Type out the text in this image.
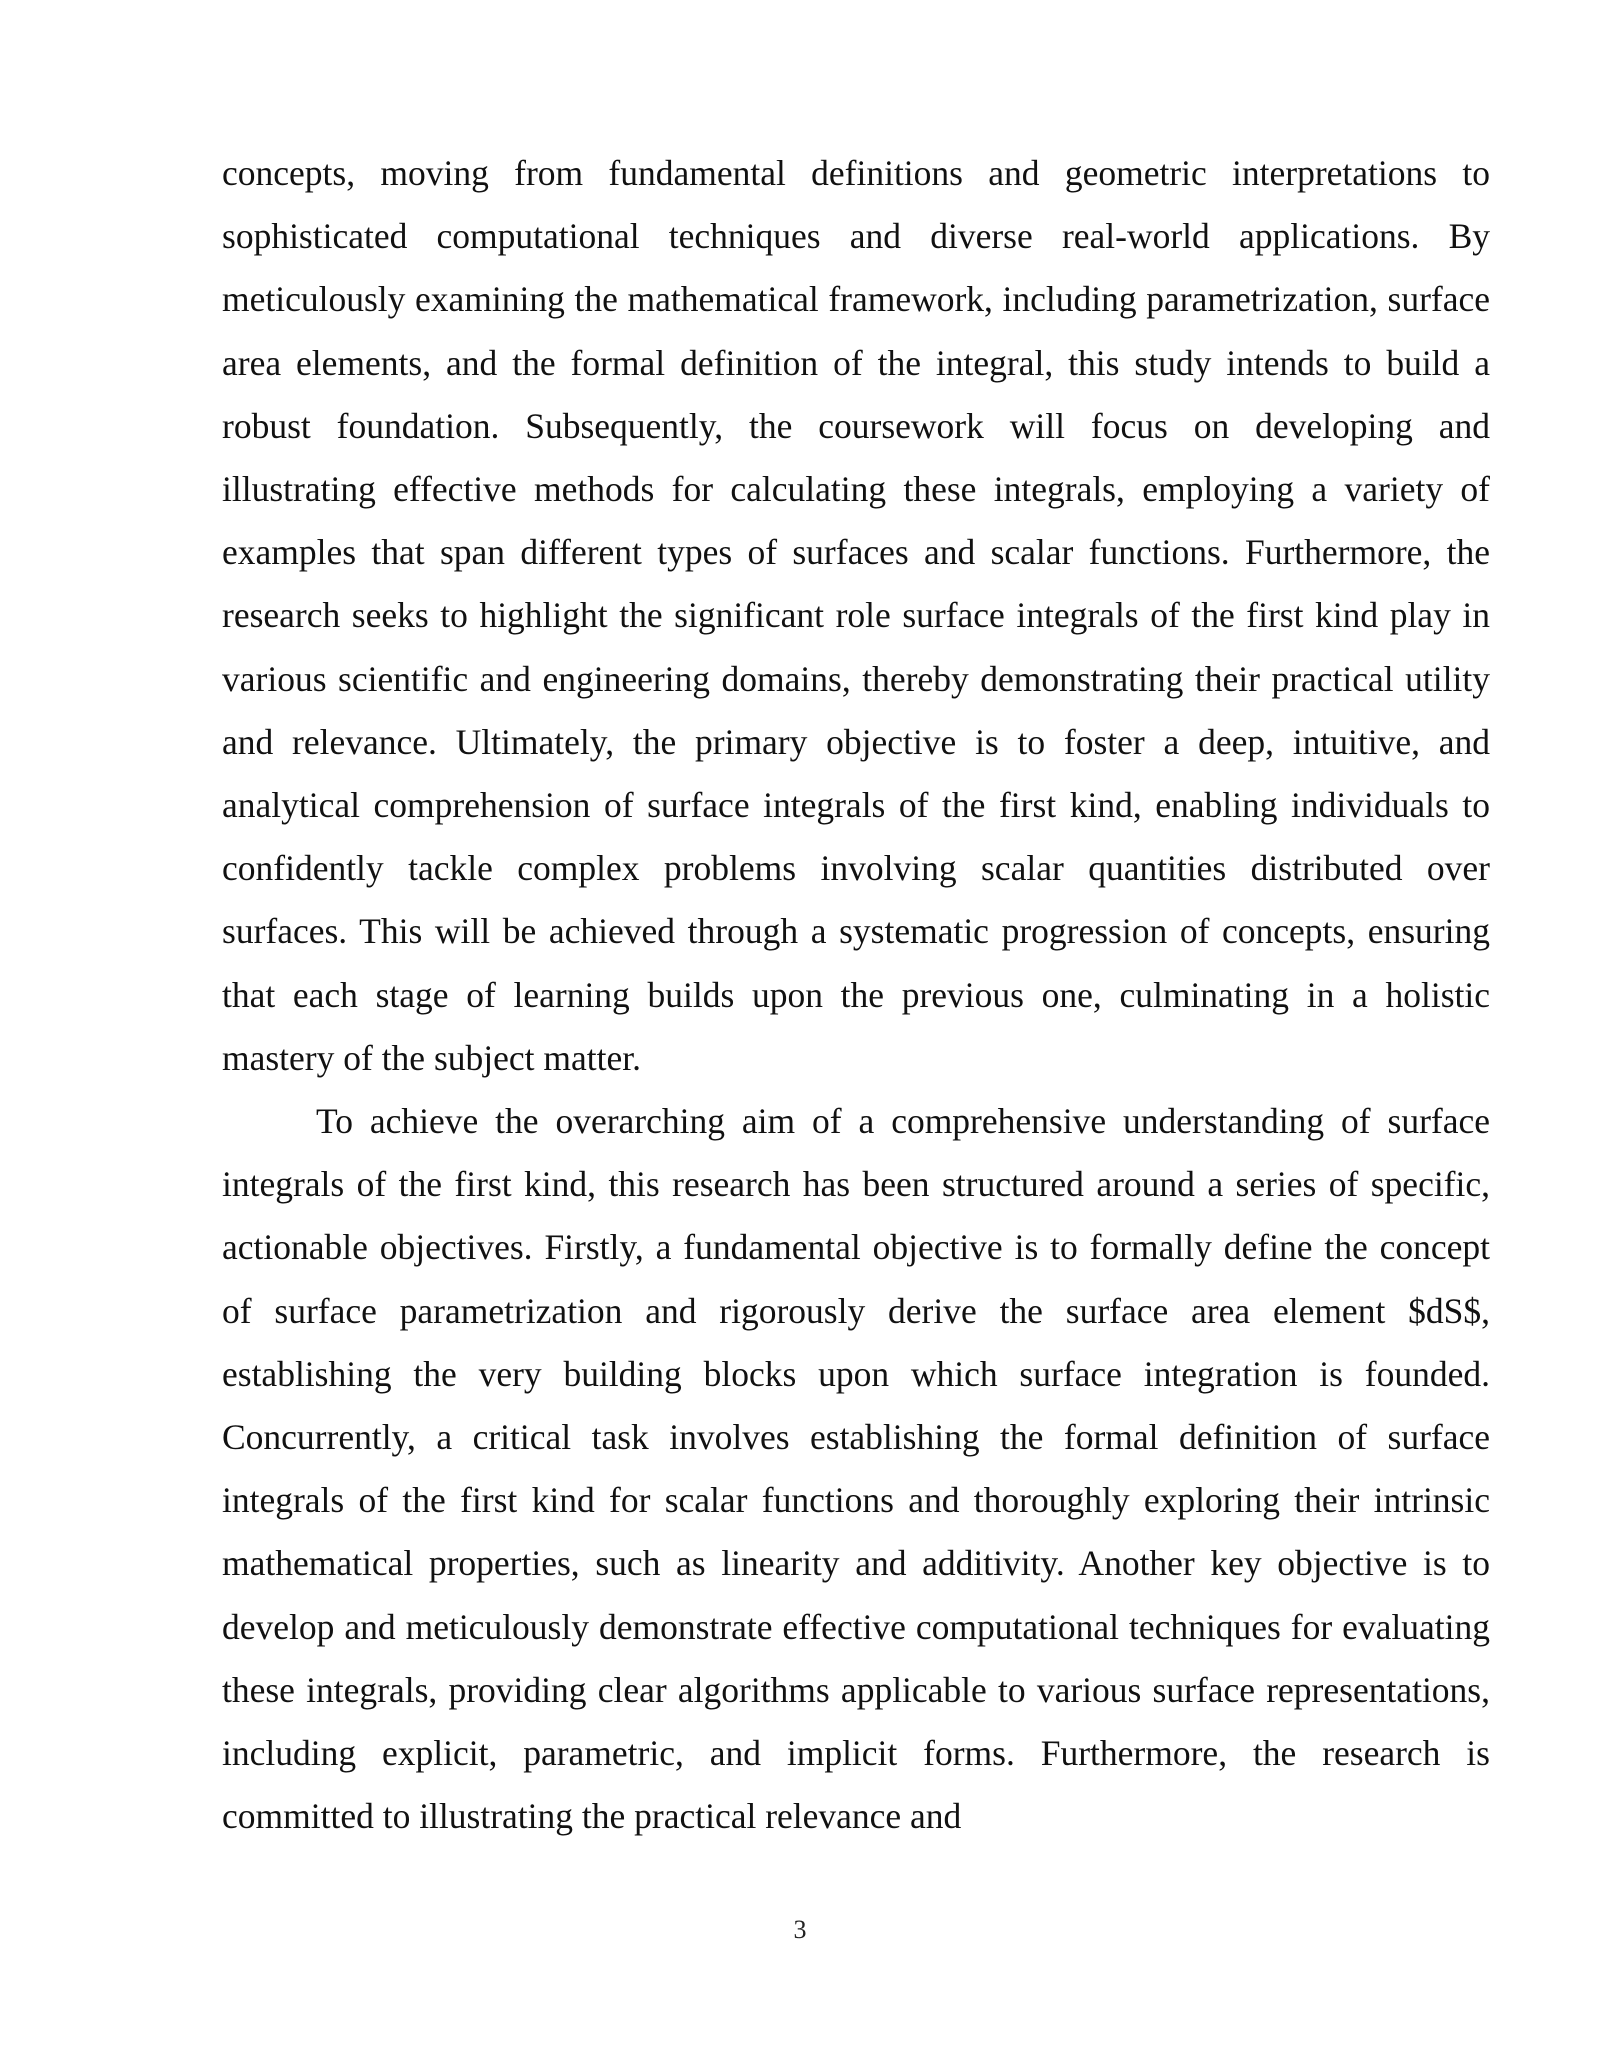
concepts, moving from fundamental definitions and geometric interpretations to sophisticated computational techniques and diverse real-world applications. By meticulously examining the mathematical framework, including parametrization, surface area elements, and the formal definition of the integral, this study intends to build a robust foundation. Subsequently, the coursework will focus on developing and illustrating effective methods for calculating these integrals, employing a variety of examples that span different types of surfaces and scalar functions. Furthermore, the research seeks to highlight the significant role surface integrals of the first kind play in various scientific and engineering domains, thereby demonstrating their practical utility and relevance. Ultimately, the primary objective is to foster a deep, intuitive, and analytical comprehension of surface integrals of the first kind, enabling individuals to confidently tackle complex problems involving scalar quantities distributed over surfaces. This will be achieved through a systematic progression of concepts, ensuring that each stage of learning builds upon the previous one, culminating in a holistic mastery of the subject matter.

To achieve the overarching aim of a comprehensive understanding of surface integrals of the first kind, this research has been structured around a series of specific, actionable objectives. Firstly, a fundamental objective is to formally define the concept of surface parametrization and rigorously derive the surface area element $dS$, establishing the very building blocks upon which surface integration is founded. Concurrently, a critical task involves establishing the formal definition of surface integrals of the first kind for scalar functions and thoroughly exploring their intrinsic mathematical properties, such as linearity and additivity. Another key objective is to develop and meticulously demonstrate effective computational techniques for evaluating these integrals, providing clear algorithms applicable to various surface representations, including explicit, parametric, and implicit forms. Furthermore, the research is committed to illustrating the practical relevance and

3
